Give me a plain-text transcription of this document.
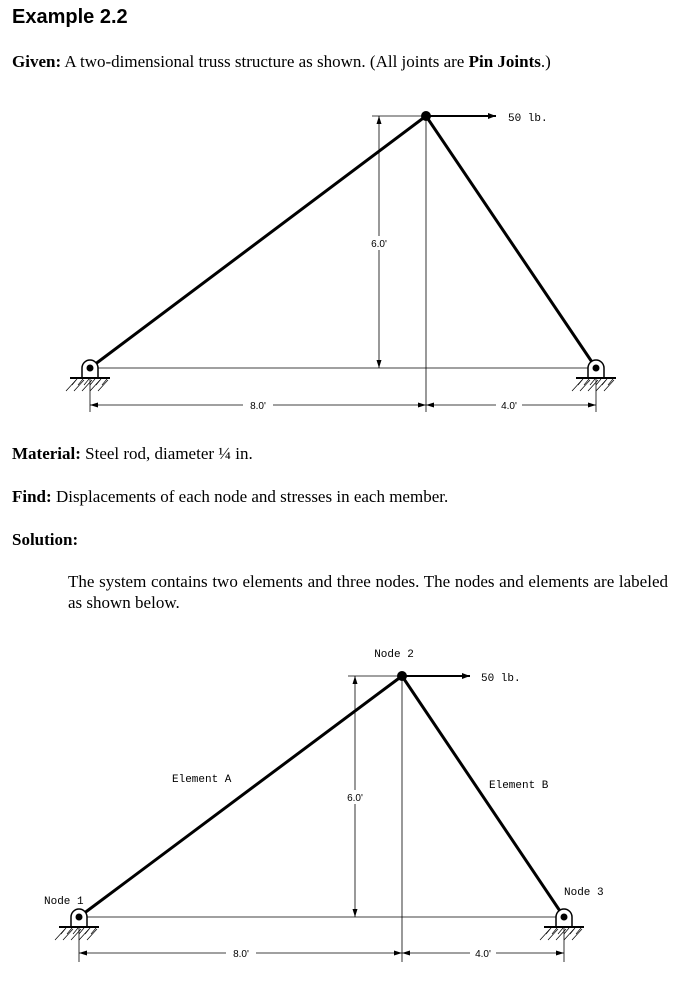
Example 2.2
Given: A two-dimensional truss structure as shown. (All joints are Pin Joints.)
6.0'
8.0'	4.0'
50 lb.
Material: Steel rod, diameter ¼ in.
Find: Displacements of each node and stresses in each member.
Solution:
The system contains two elements and three nodes. The nodes and elements are labeled as shown below.
6.0'
8.0'	4.0'
50 lb.
Node 2
Node 1
Node 3
Element A	Element B
